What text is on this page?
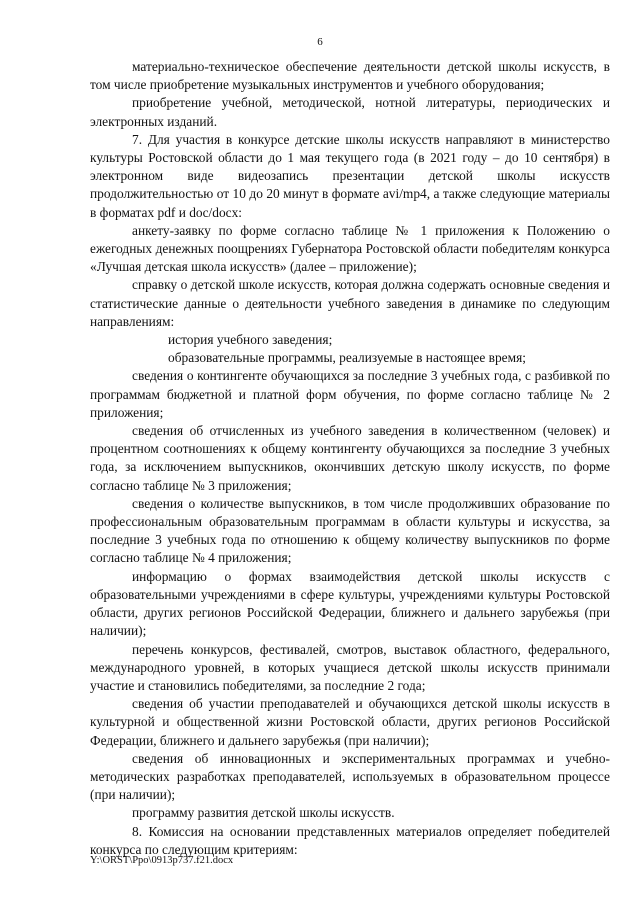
6

материально-техническое обеспечение деятельности детской школы искусств, в том числе приобретение музыкальных инструментов и учебного оборудования;

приобретение учебной, методической, нотной литературы, периодических и электронных изданий.

7. Для участия в конкурсе детские школы искусств направляют в министерство культуры Ростовской области до 1 мая текущего года (в 2021 году – до 10 сентября) в электронном виде видеозапись презентации детской школы искусств продолжительностью от 10 до 20 минут в формате avi/mp4, а также следующие материалы в форматах pdf и doc/docx:

анкету-заявку по форме согласно таблице № 1 приложения к Положению о ежегодных денежных поощрениях Губернатора Ростовской области победителям конкурса «Лучшая детская школа искусств» (далее – приложение);

справку о детской школе искусств, которая должна содержать основные сведения и статистические данные о деятельности учебного заведения в динамике по следующим направлениям:

история учебного заведения;

образовательные программы, реализуемые в настоящее время;

сведения о контингенте обучающихся за последние 3 учебных года, с разбивкой по программам бюджетной и платной форм обучения, по форме согласно таблице № 2 приложения;

сведения об отчисленных из учебного заведения в количественном (человек) и процентном соотношениях к общему контингенту обучающихся за последние 3 учебных года, за исключением выпускников, окончивших детскую школу искусств, по форме согласно таблице № 3 приложения;

сведения о количестве выпускников, в том числе продолживших образование по профессиональным образовательным программам в области культуры и искусства, за последние 3 учебных года по отношению к общему количеству выпускников по форме согласно таблице № 4 приложения;

информацию о формах взаимодействия детской школы искусств с образовательными учреждениями в сфере культуры, учреждениями культуры Ростовской области, других регионов Российской Федерации, ближнего и дальнего зарубежья (при наличии);

перечень конкурсов, фестивалей, смотров, выставок областного, федерального, международного уровней, в которых учащиеся детской школы искусств принимали участие и становились победителями, за последние 2 года;

сведения об участии преподавателей и обучающихся детской школы искусств в культурной и общественной жизни Ростовской области, других регионов Российской Федерации, ближнего и дальнего зарубежья (при наличии);

сведения об инновационных и экспериментальных программах и учебно-методических разработках преподавателей, используемых в образовательном процессе (при наличии);

программу развития детской школы искусств.

8. Комиссия на основании представленных материалов определяет победителей конкурса по следующим критериям:

Y:\ORST\Ppo\0913p737.f21.docx
